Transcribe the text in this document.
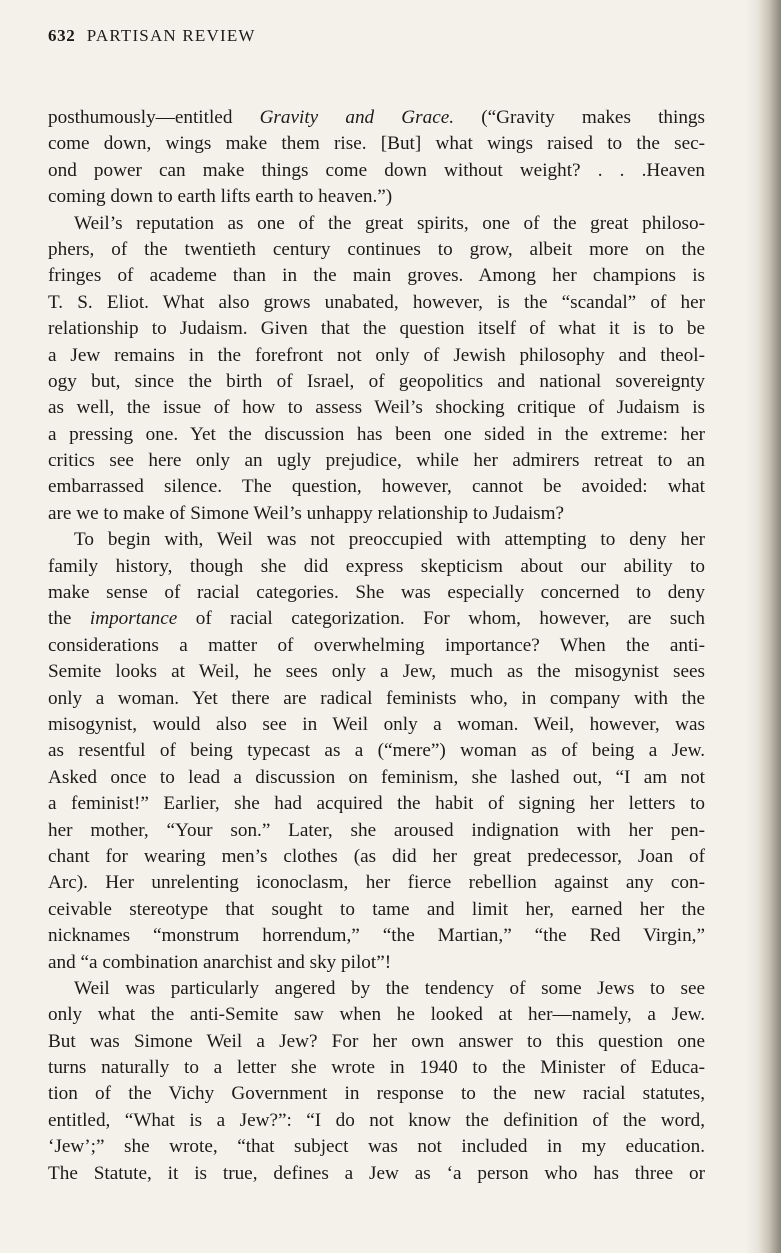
632 PARTISAN REVIEW
posthumously—entitled Gravity and Grace. (“Gravity makes things
come down, wings make them rise. [But] what wings raised to the sec-
ond power can make things come down without weight? . . .Heaven
coming down to earth lifts earth to heaven.”)
Weil’s reputation as one of the great spirits, one of the great philoso-
phers, of the twentieth century continues to grow, albeit more on the
fringes of academe than in the main groves. Among her champions is
T. S. Eliot. What also grows unabated, however, is the “scandal” of her
relationship to Judaism. Given that the question itself of what it is to be
a Jew remains in the forefront not only of Jewish philosophy and theol-
ogy but, since the birth of Israel, of geopolitics and national sovereignty
as well, the issue of how to assess Weil’s shocking critique of Judaism is
a pressing one. Yet the discussion has been one sided in the extreme: her
critics see here only an ugly prejudice, while her admirers retreat to an
embarrassed silence. The question, however, cannot be avoided: what
are we to make of Simone Weil’s unhappy relationship to Judaism?
To begin with, Weil was not preoccupied with attempting to deny her
family history, though she did express skepticism about our ability to
make sense of racial categories. She was especially concerned to deny
the importance of racial categorization. For whom, however, are such
considerations a matter of overwhelming importance? When the anti-
Semite looks at Weil, he sees only a Jew, much as the misogynist sees
only a woman. Yet there are radical feminists who, in company with the
misogynist, would also see in Weil only a woman. Weil, however, was
as resentful of being typecast as a (“mere”) woman as of being a Jew.
Asked once to lead a discussion on feminism, she lashed out, “I am not
a feminist!” Earlier, she had acquired the habit of signing her letters to
her mother, “Your son.” Later, she aroused indignation with her pen-
chant for wearing men’s clothes (as did her great predecessor, Joan of
Arc). Her unrelenting iconoclasm, her fierce rebellion against any con-
ceivable stereotype that sought to tame and limit her, earned her the
nicknames “monstrum horrendum,” “the Martian,” “the Red Virgin,”
and “a combination anarchist and sky pilot”!
Weil was particularly angered by the tendency of some Jews to see
only what the anti-Semite saw when he looked at her—namely, a Jew.
But was Simone Weil a Jew? For her own answer to this question one
turns naturally to a letter she wrote in 1940 to the Minister of Educa-
tion of the Vichy Government in response to the new racial statutes,
entitled, “What is a Jew?”: “I do not know the definition of the word,
‘Jew’;” she wrote, “that subject was not included in my education.
The Statute, it is true, defines a Jew as ‘a person who has three or
